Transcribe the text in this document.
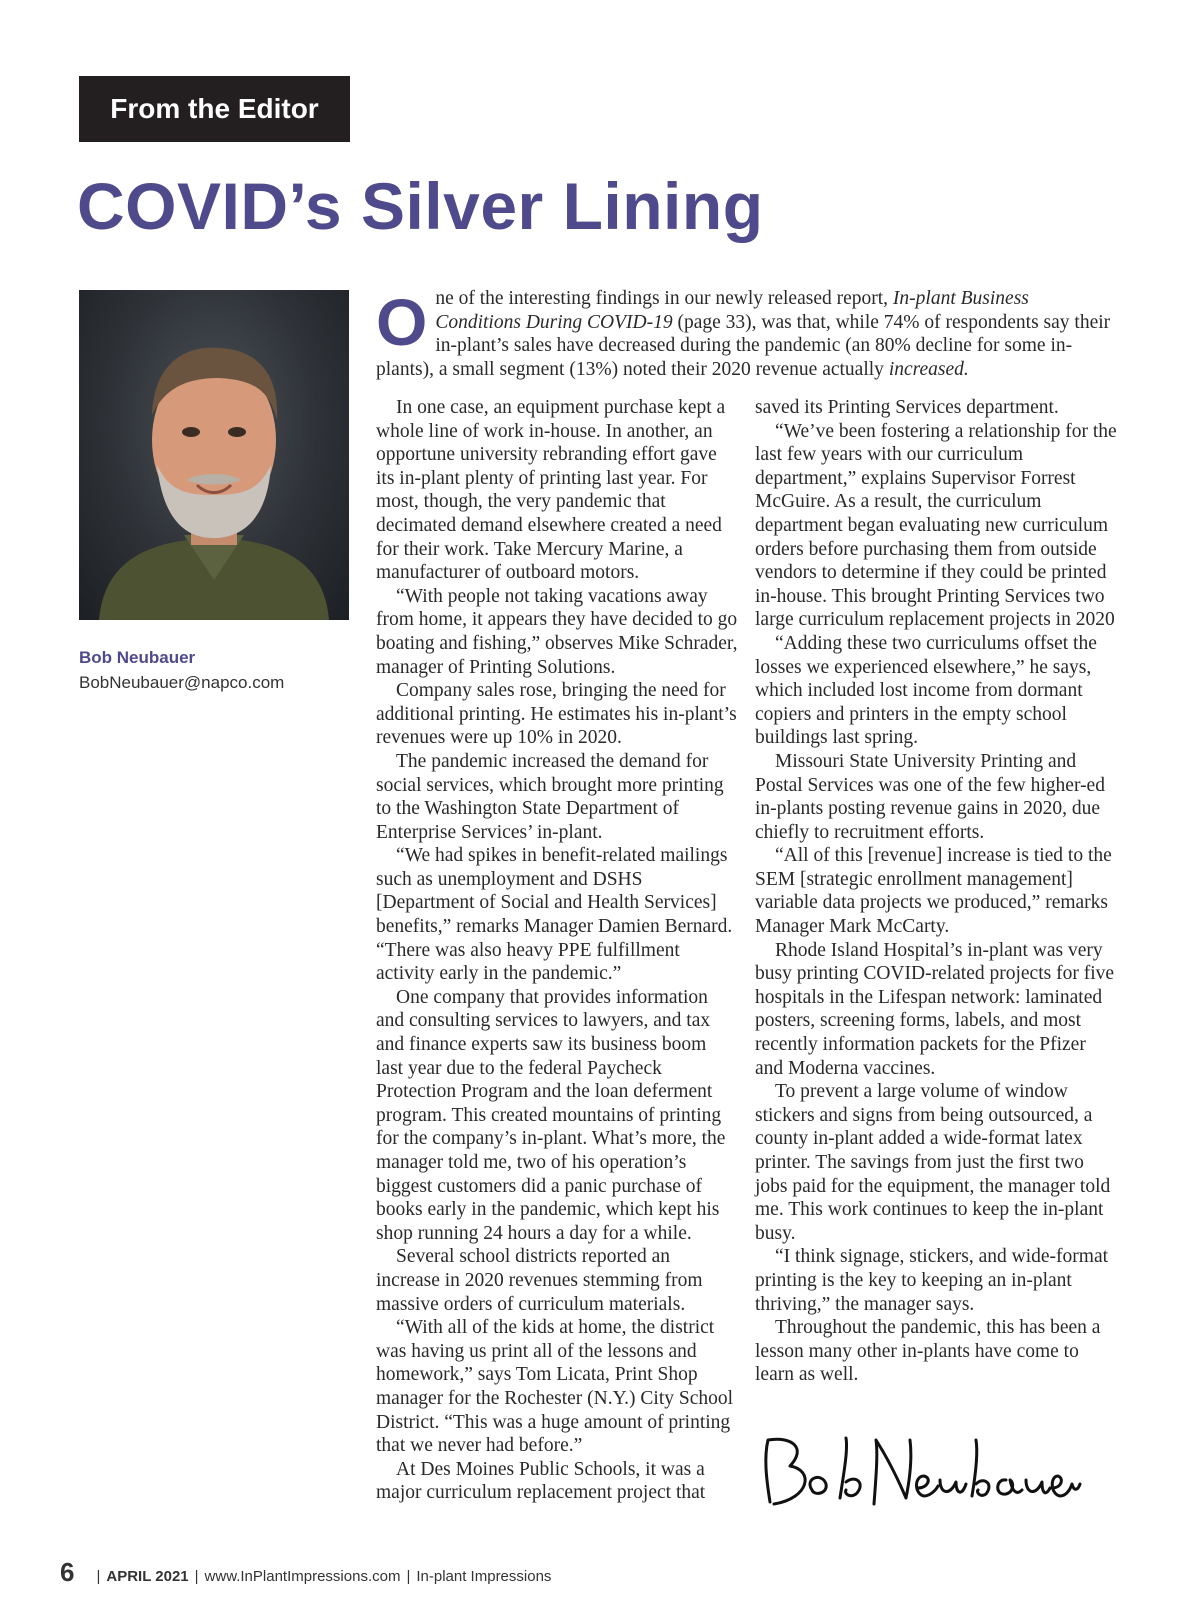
From the Editor
COVID’s Silver Lining
Bob Neubauer
BobNeubauer@napco.com

One of the interesting findings in our newly released report, In-plant Business Conditions During COVID-19 (page 33), was that, while 74% of respondents say their in-plant’s sales have decreased during the pandemic (an 80% decline for some in-plants), a small segment (13%) noted their 2020 revenue actually increased.

In one case, an equipment purchase kept a whole line of work in-house. In another, an opportune university rebranding effort gave its in-plant plenty of printing last year. For most, though, the very pandemic that decimated demand elsewhere created a need for their work. Take Mercury Marine, a manufacturer of outboard motors.

“With people not taking vacations away from home, it appears they have decided to go boating and fishing,” observes Mike Schrader, manager of Printing Solutions.

Company sales rose, bringing the need for additional printing. He estimates his in-plant’s revenues were up 10% in 2020.

The pandemic increased the demand for social services, which brought more printing to the Washington State Department of Enterprise Services’ in-plant.

“We had spikes in benefit-related mailings such as unemployment and DSHS [Department of Social and Health Services] benefits,” remarks Manager Damien Bernard. “There was also heavy PPE fulfillment activity early in the pandemic.”

One company that provides information and consulting services to lawyers, and tax and finance experts saw its business boom last year due to the federal Paycheck Protection Program and the loan deferment program. This created mountains of printing for the company’s in-plant. What’s more, the manager told me, two of his operation’s biggest customers did a panic purchase of books early in the pandemic, which kept his shop running 24 hours a day for a while.

Several school districts reported an increase in 2020 revenues stemming from massive orders of curriculum materials.

“With all of the kids at home, the district was having us print all of the lessons and homework,” says Tom Licata, Print Shop manager for the Rochester (N.Y.) City School District. “This was a huge amount of printing that we never had before.”

At Des Moines Public Schools, it was a major curriculum replacement project that

saved its Printing Services department.

“We’ve been fostering a relationship for the last few years with our curriculum department,” explains Supervisor Forrest McGuire. As a result, the curriculum department began evaluating new curriculum orders before purchasing them from outside vendors to determine if they could be printed in-house. This brought Printing Services two large curriculum replacement projects in 2020

“Adding these two curriculums offset the losses we experienced elsewhere,” he says, which included lost income from dormant copiers and printers in the empty school buildings last spring.

Missouri State University Printing and Postal Services was one of the few higher-ed in-plants posting revenue gains in 2020, due chiefly to recruitment efforts.

“All of this [revenue] increase is tied to the SEM [strategic enrollment management] variable data projects we produced,” remarks Manager Mark McCarty.

Rhode Island Hospital’s in-plant was very busy printing COVID-related projects for five hospitals in the Lifespan network: laminated posters, screening forms, labels, and most recently information packets for the Pfizer and Moderna vaccines.

To prevent a large volume of window stickers and signs from being outsourced, a county in-plant added a wide-format latex printer. The savings from just the first two jobs paid for the equipment, the manager told me. This work continues to keep the in-plant busy.

“I think signage, stickers, and wide-format printing is the key to keeping an in-plant thriving,” the manager says.

Throughout the pandemic, this has been a lesson many other in-plants have come to learn as well.

6 | APRIL 2021 | www.InPlantImpressions.com | In-plant Impressions
